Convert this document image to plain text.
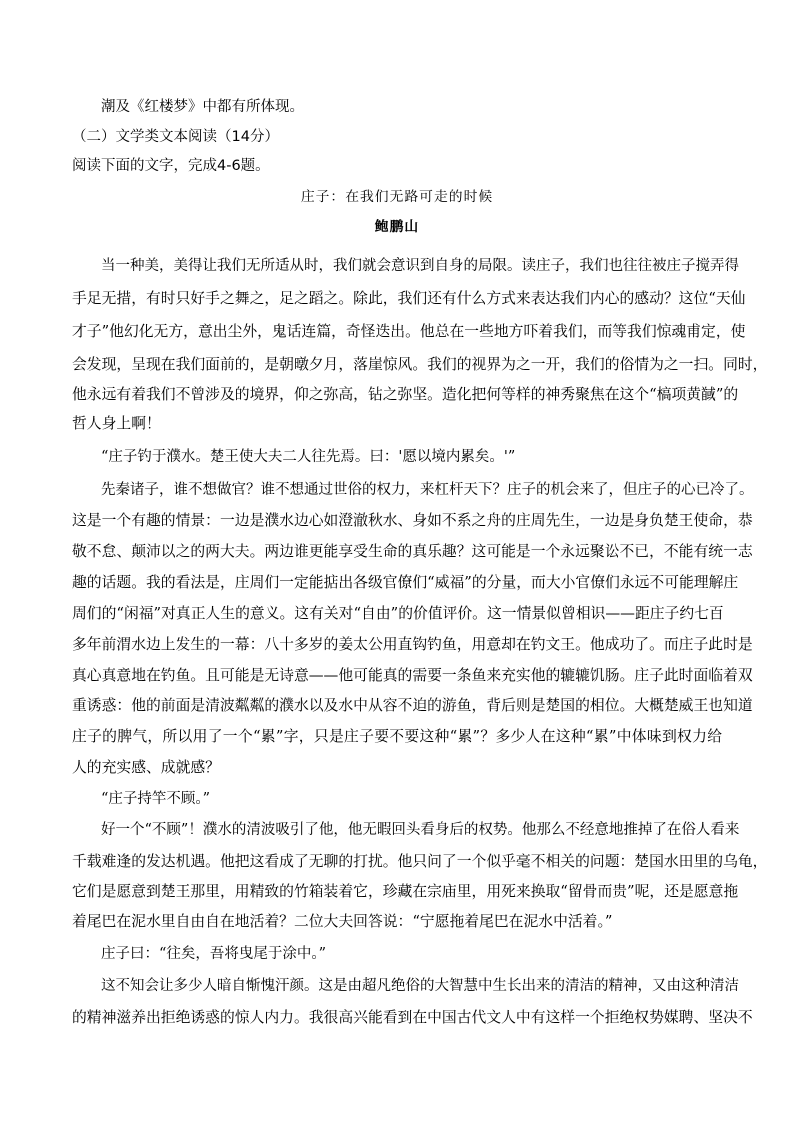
潮及《红楼梦》中都有所体现。
（二）文学类文本阅读（14分）
阅读下面的文字，完成4-6题。
庄子：在我们无路可走的时候
鲍鹏山
当一种美，美得让我们无所适从时，我们就会意识到自身的局限。读庄子，我们也往往被庄子搅弄得
手足无措，有时只好手之舞之，足之蹈之。除此，我们还有什么方式来表达我们内心的感动？这位“天仙
才子”他幻化无方，意出尘外，鬼话连篇，奇怪迭出。他总在一些地方吓着我们，而等我们惊魂甫定，使
会发现，呈现在我们面前的，是朝暾夕月，落崖惊风。我们的视界为之一开，我们的俗情为之一扫。同时，
他永远有着我们不曾涉及的境界，仰之弥高，钻之弥坚。造化把何等样的神秀聚焦在这个“槁项黄馘”的
哲人身上啊！
“庄子钓于濮水。楚王使大夫二人往先焉。曰：'愿以境内累矣。'”
先秦诸子，谁不想做官？谁不想通过世俗的权力，来杠杆天下？庄子的机会来了，但庄子的心已冷了。
这是一个有趣的情景：一边是濮水边心如澄澈秋水、身如不系之舟的庄周先生，一边是身负楚王使命，恭
敬不怠、颠沛以之的两大夫。两边谁更能享受生命的真乐趣？这可能是一个永远聚讼不已，不能有统一志
趣的话题。我的看法是，庄周们一定能掂出各级官僚们“威福”的分量，而大小官僚们永远不可能理解庄
周们的“闲福”对真正人生的意义。这有关对“自由”的价值评价。这一情景似曾相识——距庄子约七百
多年前渭水边上发生的一幕：八十多岁的姜太公用直钩钓鱼，用意却在钓文王。他成功了。而庄子此时是
真心真意地在钓鱼。且可能是无诗意——他可能真的需要一条鱼来充实他的辘辘饥肠。庄子此时面临着双
重诱惑：他的前面是清波粼粼的濮水以及水中从容不迫的游鱼，背后则是楚国的相位。大概楚威王也知道
庄子的脾气，所以用了一个“累”字，只是庄子要不要这种“累”？多少人在这种“累”中体味到权力给
人的充实感、成就感？
“庄子持竿不顾。”
好一个“不顾”！濮水的清波吸引了他，他无暇回头看身后的权势。他那么不经意地推掉了在俗人看来
千载难逢的发达机遇。他把这看成了无聊的打扰。他只问了一个似乎毫不相关的问题：楚国水田里的乌龟，
它们是愿意到楚王那里，用精致的竹箱装着它，珍藏在宗庙里，用死来换取“留骨而贵”呢，还是愿意拖
着尾巴在泥水里自由自在地活着？二位大夫回答说：“宁愿拖着尾巴在泥水中活着。”
庄子曰：“往矣，吾将曳尾于涂中。”
这不知会让多少人暗自惭愧汗颜。这是由超凡绝俗的大智慧中生长出来的清洁的精神，又由这种清洁
的精神滋养出拒绝诱惑的惊人内力。我很高兴能看到在中国古代文人中有这样一个拒绝权势媒聘、坚决不
